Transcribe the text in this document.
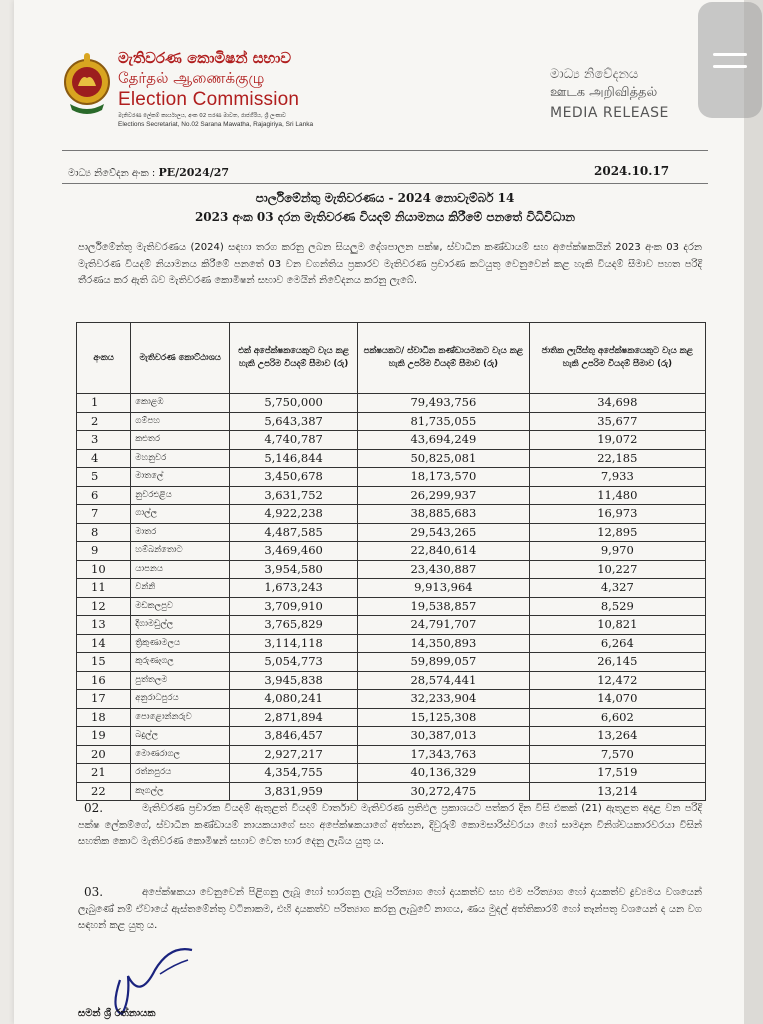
මැතිවරණ කොමිෂන් සභාව
தேர்தல் ஆணைக்குழு
Election Commission
මැතිවරණ ලේකම් කාර්යාලය, අංක 02 සරණ මාවත, රාජගිරිය, ශ්‍රී ලංකාව
Elections Secretariat, No.02 Sarana Mawatha, Rajagiriya, Sri Lanka
මාධ්‍ය නිවේදනය
ஊடக அறிவித்தல்
MEDIA RELEASE
මාධ්‍ය නිවේදන අංක : PE/2024/27	2024.10.17
පාර්ලිමේන්තු මැතිවරණය - 2024 නොවැම්බර් 14
2023 අංක 03 දරන මැතිවරණ වියදම් නියාමනය කිරීමේ පනතේ විධිවිධාන
පාර්ලිමේන්තු මැතිවරණය (2024) සඳහා තරග කරනු ලබන සියලුම දේශපාලන පක්ෂ, ස්වාධීන කණ්ඩායම් සහ අපේක්ෂකයින් 2023 අංක 03 දරන මැතිවරණ වියදම් නියාමනය කිරීමේ පනතේ 03 වන වගන්තිය ප්‍රකාරව මැතිවරණ ප්‍රචාරණ කටයුතු වෙනුවෙන් කළ හැකි වියදම් සීමාව පහත පරිදි තීරණය කර ඇති බව මැතිවරණ කොමිෂන් සභාව මෙයින් නිවේදනය කරනු ලැබේ.
අංකය	මැතිවරණ කොට්ඨාශය	එක් අපේක්ෂකයෙකුට වැය කළ හැකි උපරිම වියදම් සීමාව (රු)	පක්ෂයකට/ ස්වාධීන කණ්ඩායමකට වැය කළ හැකි උපරිම වියදම් සීමාව (රු)	ජාතික ලැයිස්තු අපේක්ෂකයෙකුට වැය කළ හැකි උපරිම වියදම් සීමාව (රු)
1	කොළඹ	5,750,000	79,493,756	34,698
2	ගම්පහ	5,643,387	81,735,055	35,677
3	කළුතර	4,740,787	43,694,249	19,072
4	මහනුවර	5,146,844	50,825,081	22,185
5	මාතලේ	3,450,678	18,173,570	7,933
6	නුවරඑළිය	3,631,752	26,299,937	11,480
7	ගාල්ල	4,922,238	38,885,683	16,973
8	මාතර	4,487,585	29,543,265	12,895
9	හම්බන්තොට	3,469,460	22,840,614	9,970
10	යාපනය	3,954,580	23,430,887	10,227
11	වන්නි	1,673,243	9,913,964	4,327
12	මඩකලපුව	3,709,910	19,538,857	8,529
13	දිගාමඩුල්ල	3,765,829	24,791,707	10,821
14	ත්‍රිකුණාමලය	3,114,118	14,350,893	6,264
15	කුරුණෑගල	5,054,773	59,899,057	26,145
16	පුත්තලම	3,945,838	28,574,441	12,472
17	අනුරාධපුරය	4,080,241	32,233,904	14,070
18	පොළොන්නරුව	2,871,894	15,125,308	6,602
19	බදුල්ල	3,846,457	30,387,013	13,264
20	මොණරාගල	2,927,217	17,343,763	7,570
21	රත්නපුරය	4,354,755	40,136,329	17,519
22	කෑගල්ල	3,831,959	30,272,475	13,214
02.	මැතිවරණ ප්‍රචාරක වියදම් ඇතුළත් වියදම් වාර්තාව මැතිවරණ ප්‍රතිඵල ප්‍රකාශයට පත්කර දින විසි එකක් (21) ඇතුළත අදාළ වන පරිදි පක්ෂ ලේකම්ගේ, ස්වාධීන කණ්ඩායම් නායකයාගේ සහ අපේක්ෂකයාගේ අත්සන, දිවුරුම් කොමසාරිස්වරයා හෝ සාමදාන විනිශ්චයකාරවරයා විසින් සහතික කොට මැතිවරණ කොමිෂන් සභාව වෙත භාර දෙනු ලැබිය යුතු ය.
03.	අපේක්ෂකයා වෙනුවෙන් පිළිගනු ලැබූ හෝ භාරගනු ලැබූ පරිත්‍යාග හෝ දායකත්ව සහ එම පරිත්‍යාග හෝ දායකත්ව ද්‍රව්‍යමය වශයෙන් ලැබුණේ නම් ඒවායේ ඇස්තමේන්තු වටිනාකම, එහි දායකත්ව පරිත්‍යාග කරනු ලැබුවේ නාගය, ණය මුදල් අත්තිකාරම් හෝ තෑන්පතු වශයෙන් ද යන වග සඳහන් කළ යුතු ය.
සමන් ශ්‍රී රත්නායක
